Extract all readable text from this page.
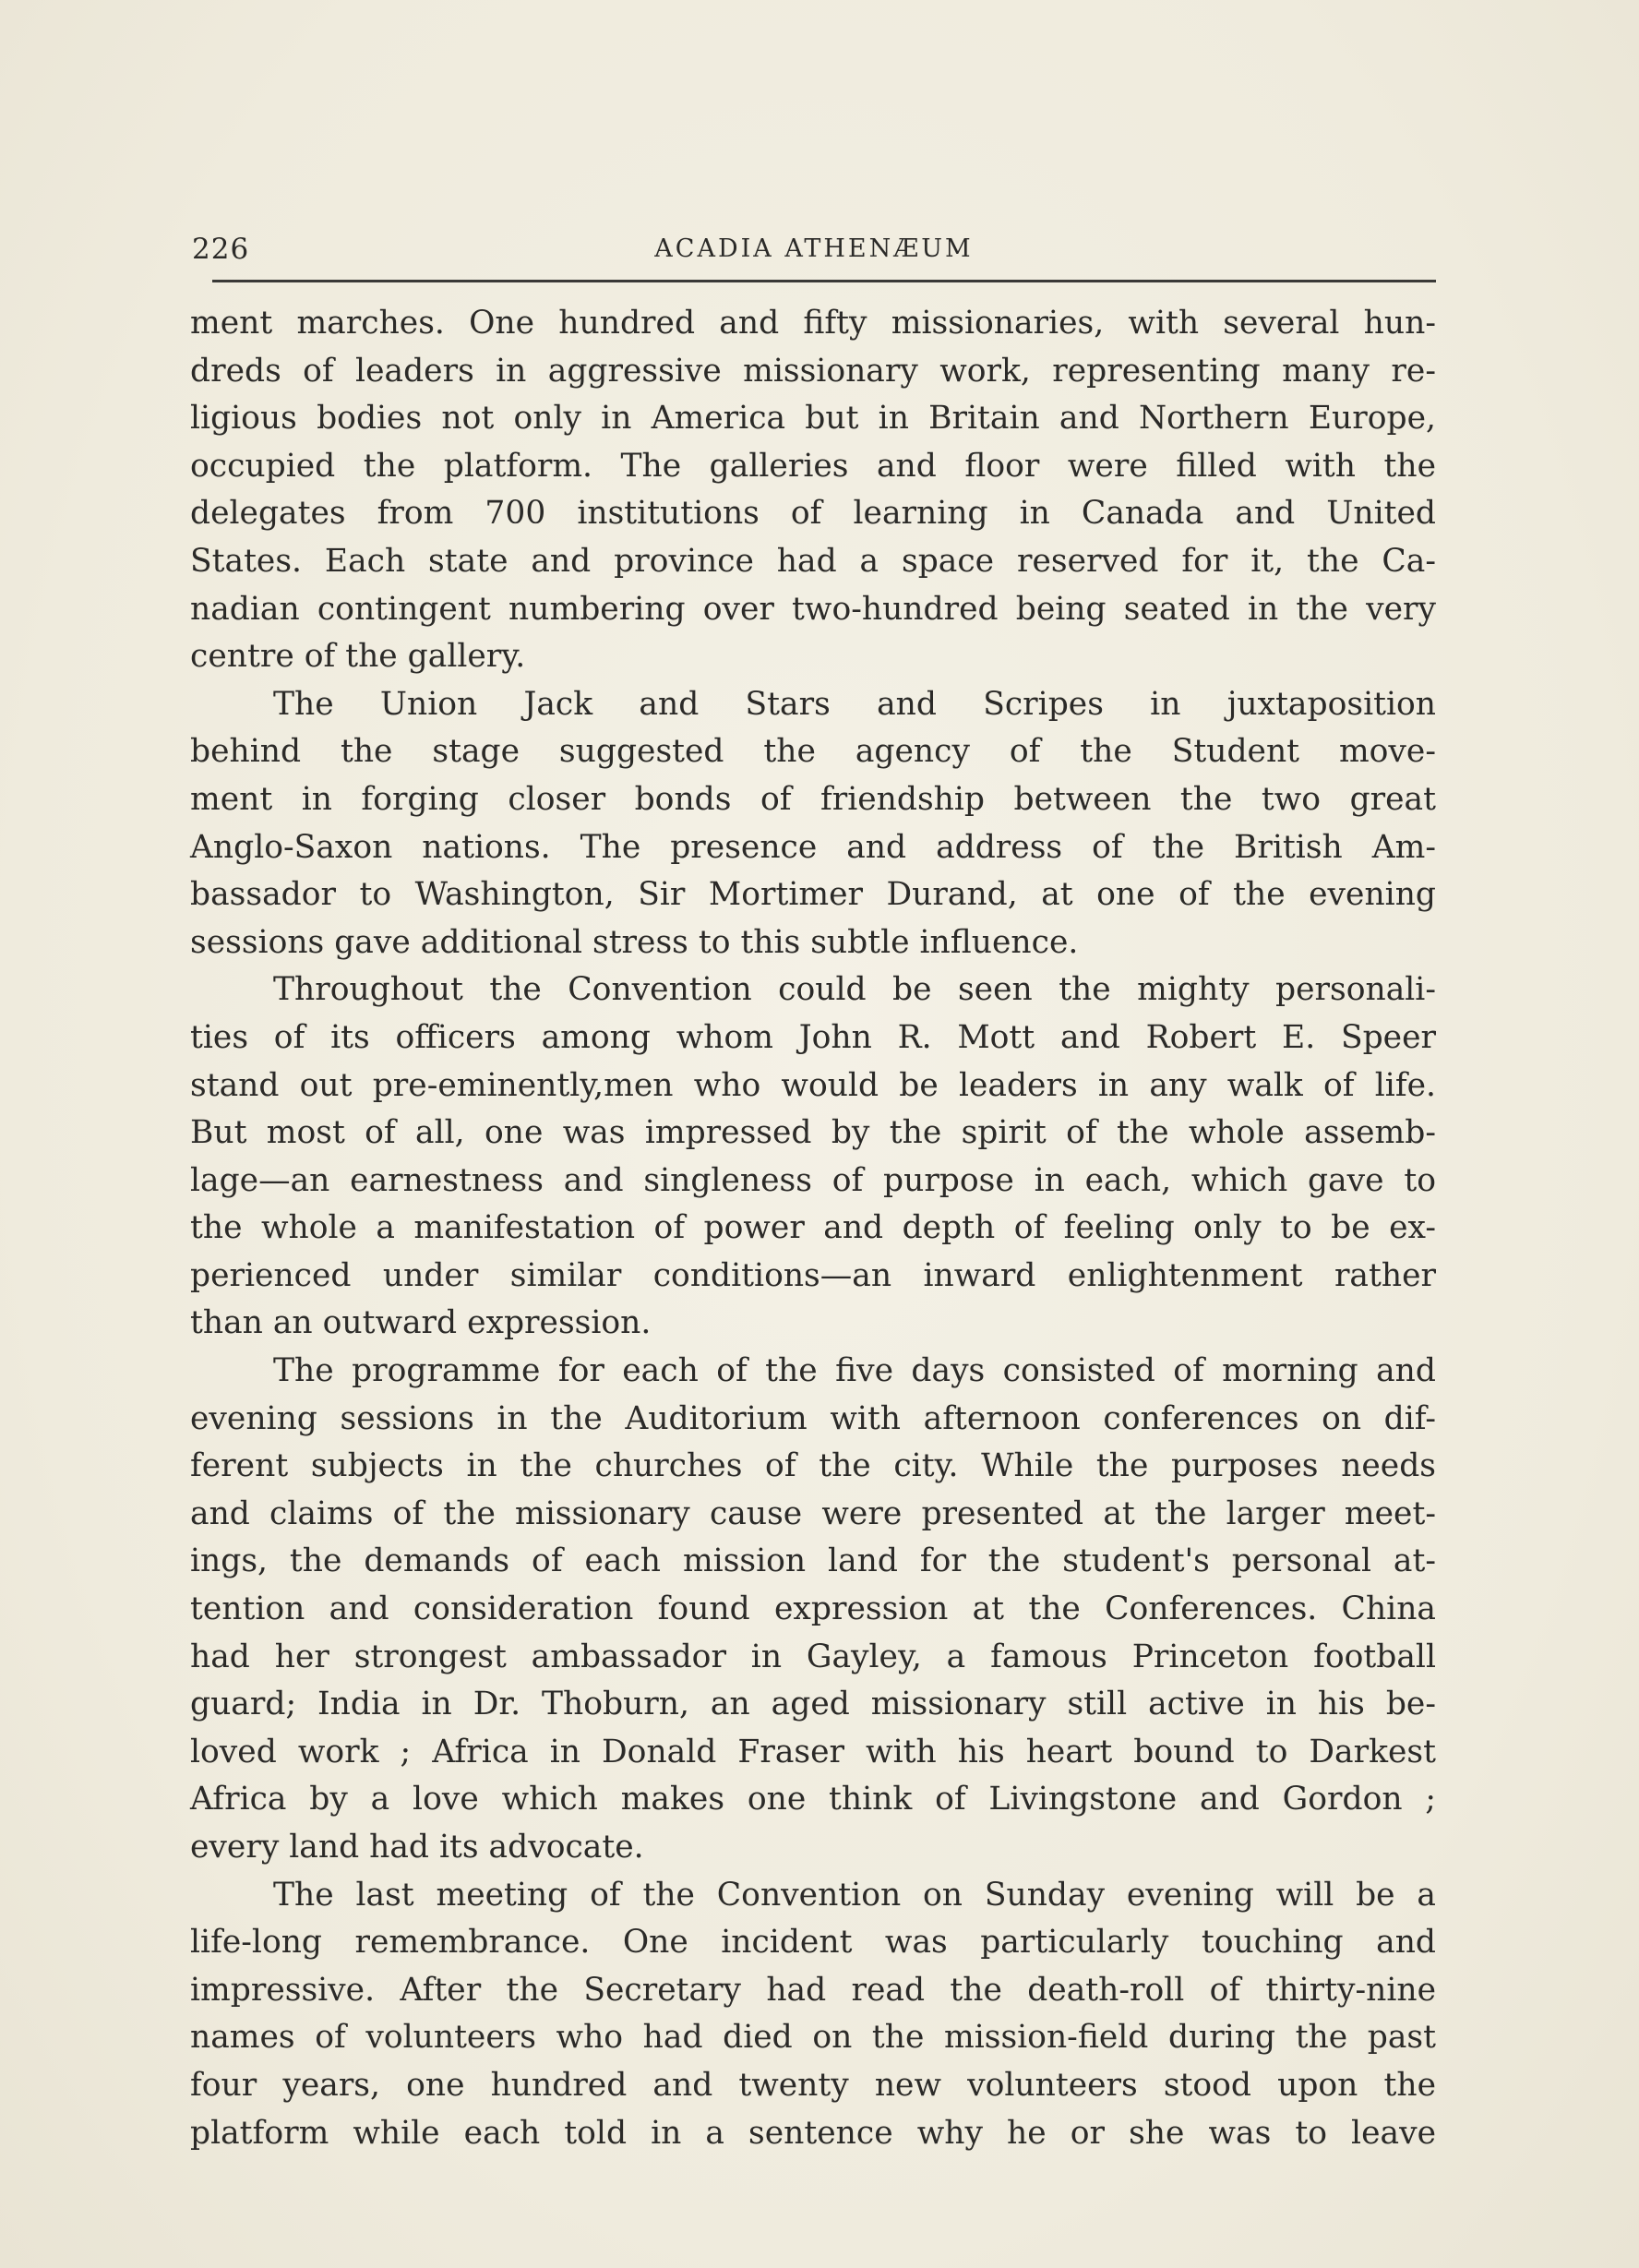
226	ACADIA ATHENÆUM
ment marches. One hundred and fifty missionaries, with several hun-
dreds of leaders in aggressive missionary work, representing many re-
ligious bodies not only in America but in Britain and Northern Europe,
occupied the platform. The galleries and floor were filled with the
delegates from 700 institutions of learning in Canada and United
States. Each state and province had a space reserved for it, the Ca-
nadian contingent numbering over two-hundred being seated in the very
centre of the gallery.
The Union Jack and Stars and Scripes in juxtaposition
behind the stage suggested the agency of the Student move-
ment in forging closer bonds of friendship between the two great
Anglo-Saxon nations. The presence and address of the British Am-
bassador to Washington, Sir Mortimer Durand, at one of the evening
sessions gave additional stress to this subtle influence.
Throughout the Convention could be seen the mighty personali-
ties of its officers among whom John R. Mott and Robert E. Speer
stand out pre-eminently,men who would be leaders in any walk of life.
But most of all, one was impressed by the spirit of the whole assemb-
lage—an earnestness and singleness of purpose in each, which gave to
the whole a manifestation of power and depth of feeling only to be ex-
perienced under similar conditions—an inward enlightenment rather
than an outward expression.
The programme for each of the five days consisted of morning and
evening sessions in the Auditorium with afternoon conferences on dif-
ferent subjects in the churches of the city. While the purposes needs
and claims of the missionary cause were presented at the larger meet-
ings, the demands of each mission land for the student's personal at-
tention and consideration found expression at the Conferences. China
had her strongest ambassador in Gayley, a famous Princeton football
guard; India in Dr. Thoburn, an aged missionary still active in his be-
loved work ; Africa in Donald Fraser with his heart bound to Darkest
Africa by a love which makes one think of Livingstone and Gordon ;
every land had its advocate.
The last meeting of the Convention on Sunday evening will be a
life-long remembrance. One incident was particularly touching and
impressive. After the Secretary had read the death-roll of thirty-nine
names of volunteers who had died on the mission-field during the past
four years, one hundred and twenty new volunteers stood upon the
platform while each told in a sentence why he or she was to leave
